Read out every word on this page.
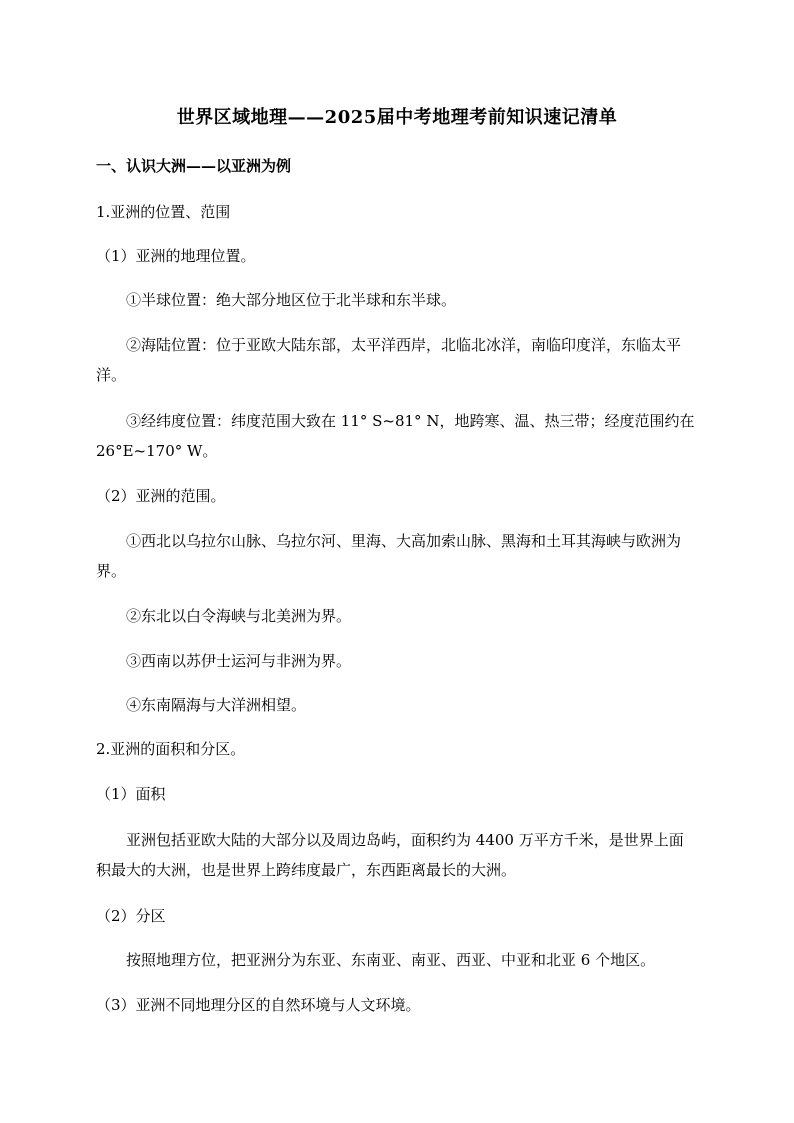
世界区域地理——2025届中考地理考前知识速记清单
一、认识大洲——以亚洲为例
1.亚洲的位置、范围
（1）亚洲的地理位置。
①半球位置：绝大部分地区位于北半球和东半球。
②海陆位置：位于亚欧大陆东部，太平洋西岸，北临北冰洋，南临印度洋，东临太平洋。
③经纬度位置：纬度范围大致在 11° S~81° N，地跨寒、温、热三带；经度范围约在 26°E~170° W。
（2）亚洲的范围。
①西北以乌拉尔山脉、乌拉尔河、里海、大高加索山脉、黑海和土耳其海峡与欧洲为界。
②东北以白令海峡与北美洲为界。
③西南以苏伊士运河与非洲为界。
④东南隔海与大洋洲相望。
2.亚洲的面积和分区。
（1）面积
亚洲包括亚欧大陆的大部分以及周边岛屿，面积约为 4400 万平方千米，是世界上面积最大的大洲，也是世界上跨纬度最广，东西距离最长的大洲。
（2）分区
按照地理方位，把亚洲分为东亚、东南亚、南亚、西亚、中亚和北亚 6 个地区。
（3）亚洲不同地理分区的自然环境与人文环境。
